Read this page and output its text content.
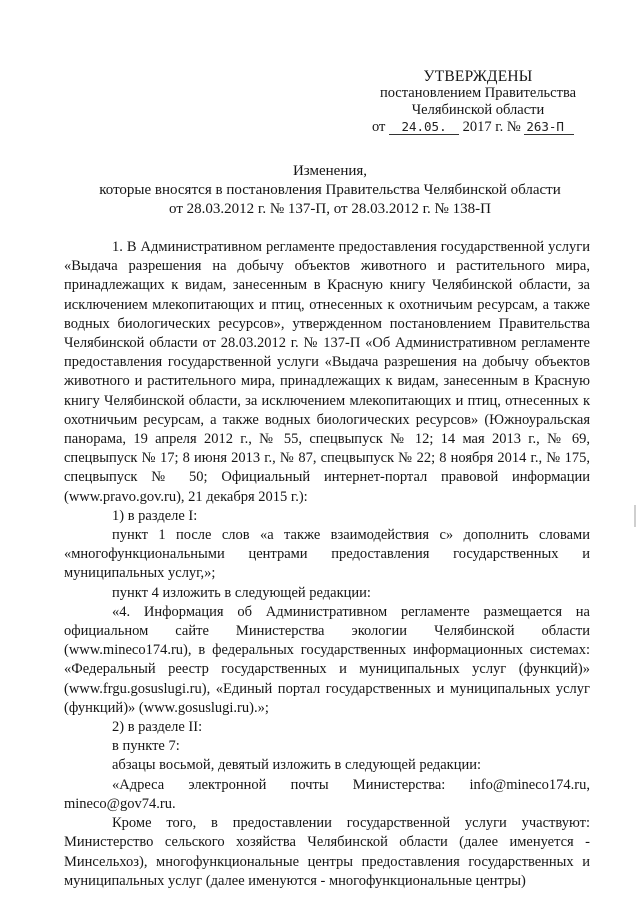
УТВЕРЖДЕНЫ
постановлением Правительства
Челябинской области
от 24.05. 2017 г. № 263-П
Изменения,
которые вносятся в постановления Правительства Челябинской области
от 28.03.2012 г. № 137-П, от 28.03.2012 г. № 138-П

1. В Административном регламенте предоставления государственной услуги «Выдача разрешения на добычу объектов животного и растительного мира, принадлежащих к видам, занесенным в Красную книгу Челябинской области, за исключением млекопитающих и птиц, отнесенных к охотничьим ресурсам, а также водных биологических ресурсов», утвержденном постановлением Правительства Челябинской области от 28.03.2012 г. № 137-П «Об Административном регламенте предоставления государственной услуги «Выдача разрешения на добычу объектов животного и растительного мира, принадлежащих к видам, занесенным в Красную книгу Челябинской области, за исключением млекопитающих и птиц, отнесенных к охотничьим ресурсам, а также водных биологических ресурсов» (Южноуральская панорама, 19 апреля 2012 г., № 55, спецвыпуск № 12; 14 мая 2013 г., № 69, спецвыпуск № 17; 8 июня 2013 г., № 87, спецвыпуск № 22; 8 ноября 2014 г., № 175, спецвыпуск № 50; Официальный интернет-портал правовой информации (www.pravo.gov.ru), 21 декабря 2015 г.):

1) в разделе I:

пункт 1 после слов «а также взаимодействия с» дополнить словами «многофункциональными центрами предоставления государственных и муниципальных услуг,»;

пункт 4 изложить в следующей редакции:

«4. Информация об Административном регламенте размещается на официальном сайте Министерства экологии Челябинской области (www.mineco174.ru), в федеральных государственных информационных системах: «Федеральный реестр государственных и муниципальных услуг (функций)» (www.frgu.gosuslugi.ru), «Единый портал государственных и муниципальных услуг (функций)» (www.gosuslugi.ru).»;

2) в разделе II:

в пункте 7:

абзацы восьмой, девятый изложить в следующей редакции:

«Адреса электронной почты Министерства: info@mineco174.ru, mineco@gov74.ru.

Кроме того, в предоставлении государственной услуги участвуют: Министерство сельского хозяйства Челябинской области (далее именуется - Минсельхоз), многофункциональные центры предоставления государственных и муниципальных услуг (далее именуются - многофункциональные центры)
